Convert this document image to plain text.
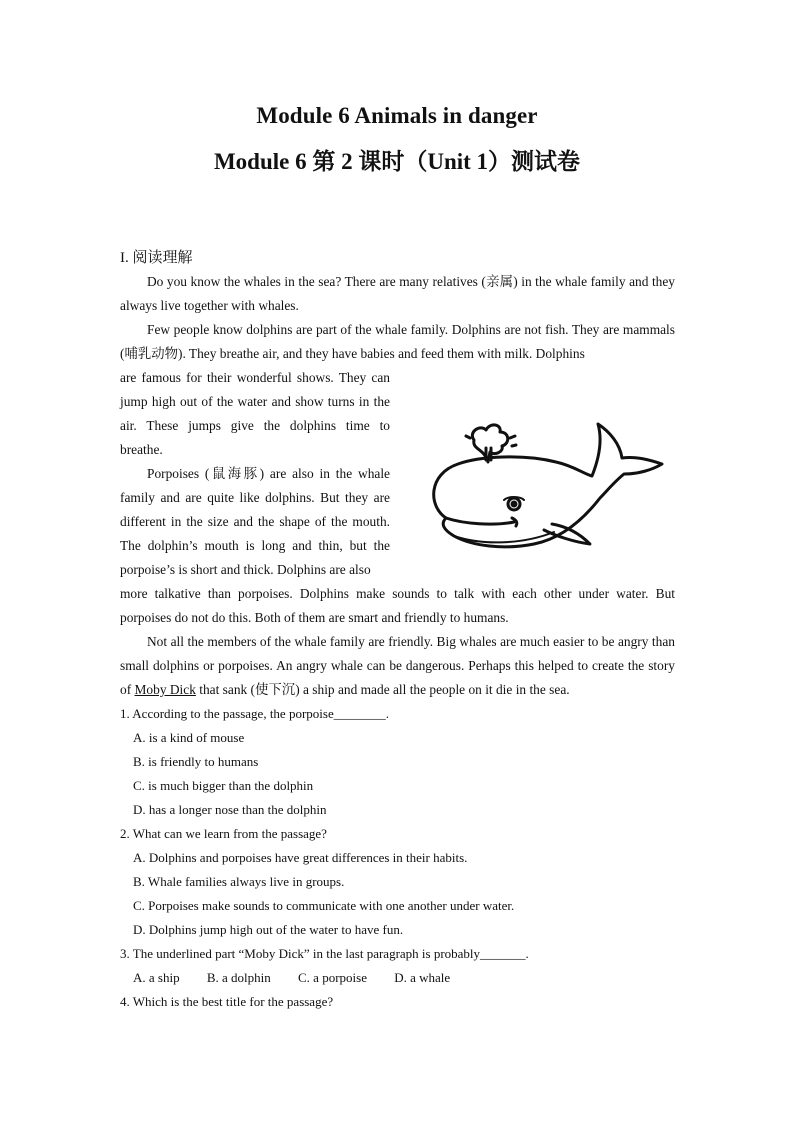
Module 6 Animals in danger
Module 6 第 2 课时（Unit 1）测试卷
I. 阅读理解

Do you know the whales in the sea? There are many relatives (亲属) in the whale family and they always live together with whales.

Few people know dolphins are part of the whale family. Dolphins are not fish. They are mammals (哺乳动物). They breathe air, and they have babies and feed them with milk. Dolphins

are famous for their wonderful shows. They can jump high out of the water and show turns in the air. These jumps give the dolphins time to breathe.

Porpoises (鼠海豚) are also in the whale family and are quite like dolphins. But they are different in the size and the shape of the mouth. The dolphin’s mouth is long and thin, but the porpoise’s is short and thick. Dolphins are also

more talkative than porpoises. Dolphins make sounds to talk with each other under water. But porpoises do not do this. Both of them are smart and friendly to humans.

Not all the members of the whale family are friendly. Big whales are much easier to be angry than small dolphins or porpoises. An angry whale can be dangerous. Perhaps this helped to create the story of Moby Dick that sank (使下沉) a ship and made all the people on it die in the sea.

1. According to the passage, the porpoise________.

A. is a kind of mouse

B. is friendly to humans

C. is much bigger than the dolphin

D. has a longer nose than the dolphin

2. What can we learn from the passage?

A. Dolphins and porpoises have great differences in their habits.

B. Whale families always live in groups.

C. Porpoises make sounds to communicate with one another under water.

D. Dolphins jump high out of the water to have fun.

3. The underlined part “Moby Dick” in the last paragraph is probably_______.

A. a ship B. a dolphin C. a porpoise D. a whale

4. Which is the best title for the passage?
